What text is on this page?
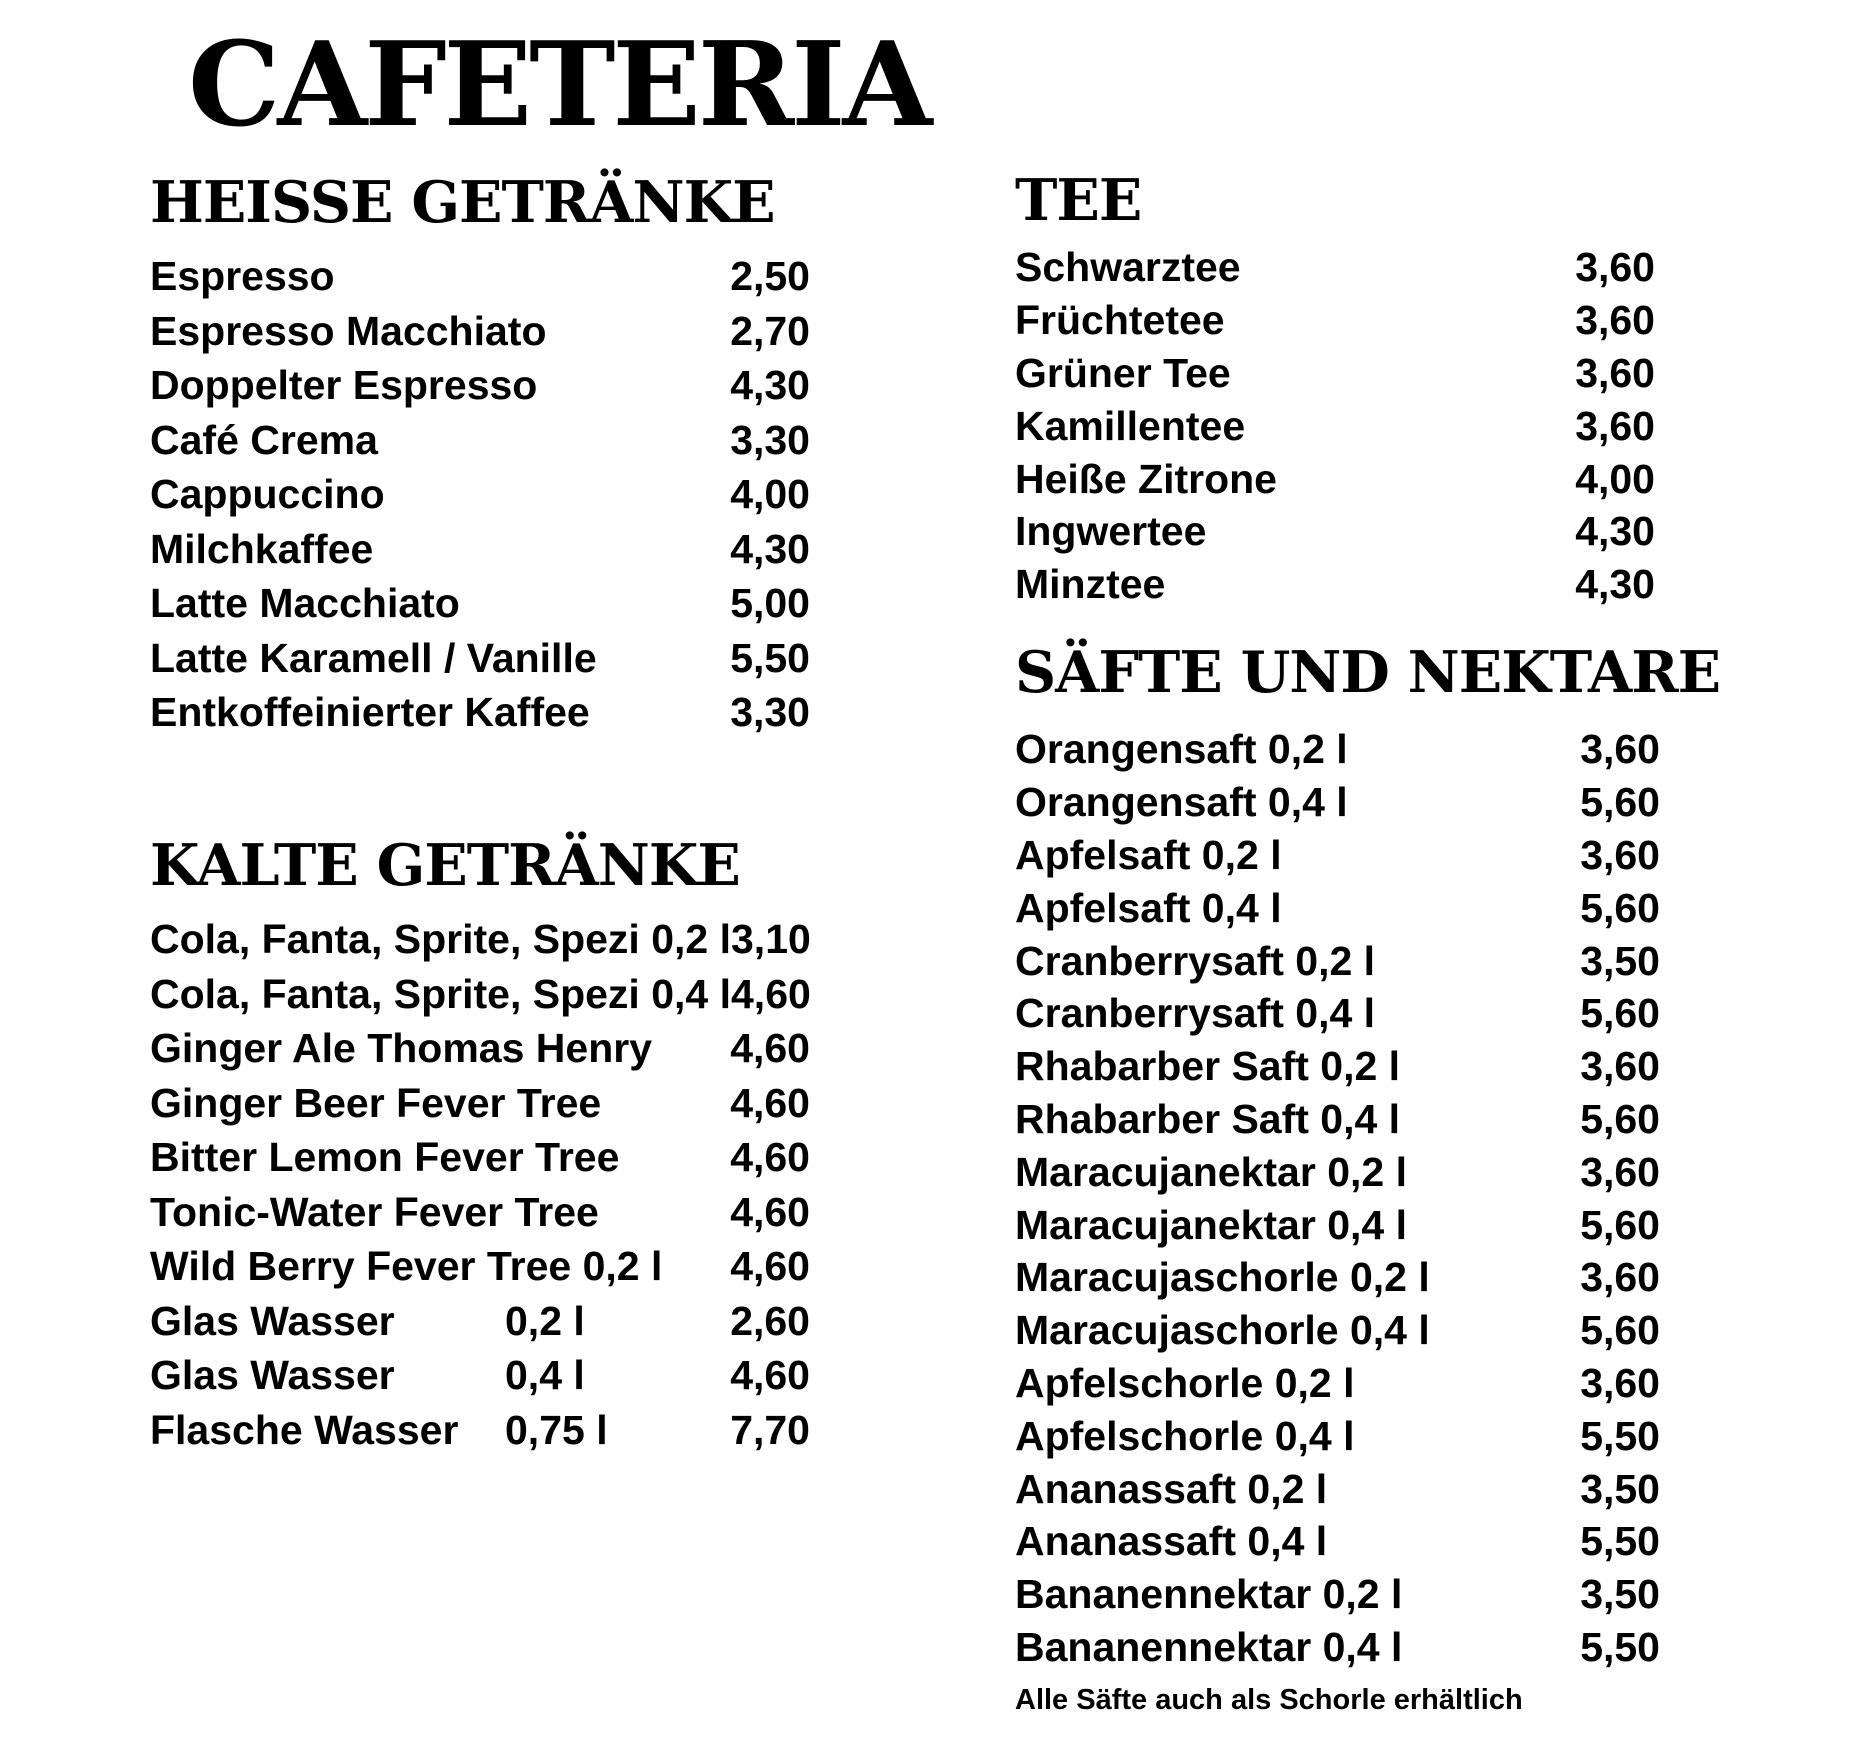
CAFETERIA
HEISSE GETRÄNKE
Espresso	2,50
Espresso Macchiato	2,70
Doppelter Espresso	4,30
Café Crema	3,30
Cappuccino	4,00
Milchkaffee	4,30
Latte Macchiato	5,00
Latte Karamell / Vanille	5,50
Entkoffeinierter Kaffee	3,30
KALTE GETRÄNKE
Cola, Fanta, Sprite, Spezi 0,2 l 3,10
Cola, Fanta, Sprite, Spezi 0,4 l 4,60
Ginger Ale Thomas Henry 4,60
Ginger Beer Fever Tree	4,60
Bitter Lemon Fever Tree	4,60
Tonic-Water Fever Tree	4,60
Wild Berry Fever Tree 0,2 l 4,60
Glas Wasser	0,2 l	2,60
Glas Wasser	0,4 l	4,60
Flasche Wasser 0,75 l	7,70
TEE
Schwarztee	3,60
Früchtetee	3,60
Grüner Tee	3,60
Kamillentee	3,60
Heiße Zitrone	4,00
Ingwertee	4,30
Minztee	4,30
SÄFTE UND NEKTARE
Orangensaft 0,2 l	3,60
Orangensaft 0,4 l	5,60
Apfelsaft 0,2 l	3,60
Apfelsaft 0,4 l	5,60
Cranberrysaft 0,2 l	3,50
Cranberrysaft 0,4 l	5,60
Rhabarber Saft 0,2 l	3,60
Rhabarber Saft 0,4 l	5,60
Maracujanektar 0,2 l	3,60
Maracujanektar 0,4 l	5,60
Maracujaschorle 0,2 l	3,60
Maracujaschorle 0,4 l	5,60
Apfelschorle 0,2 l	3,60
Apfelschorle 0,4 l	5,50
Ananassaft 0,2 l	3,50
Ananassaft 0,4 l	5,50
Bananennektar 0,2 l	3,50
Bananennektar 0,4 l	5,50
Alle Säfte auch als Schorle erhältlich
